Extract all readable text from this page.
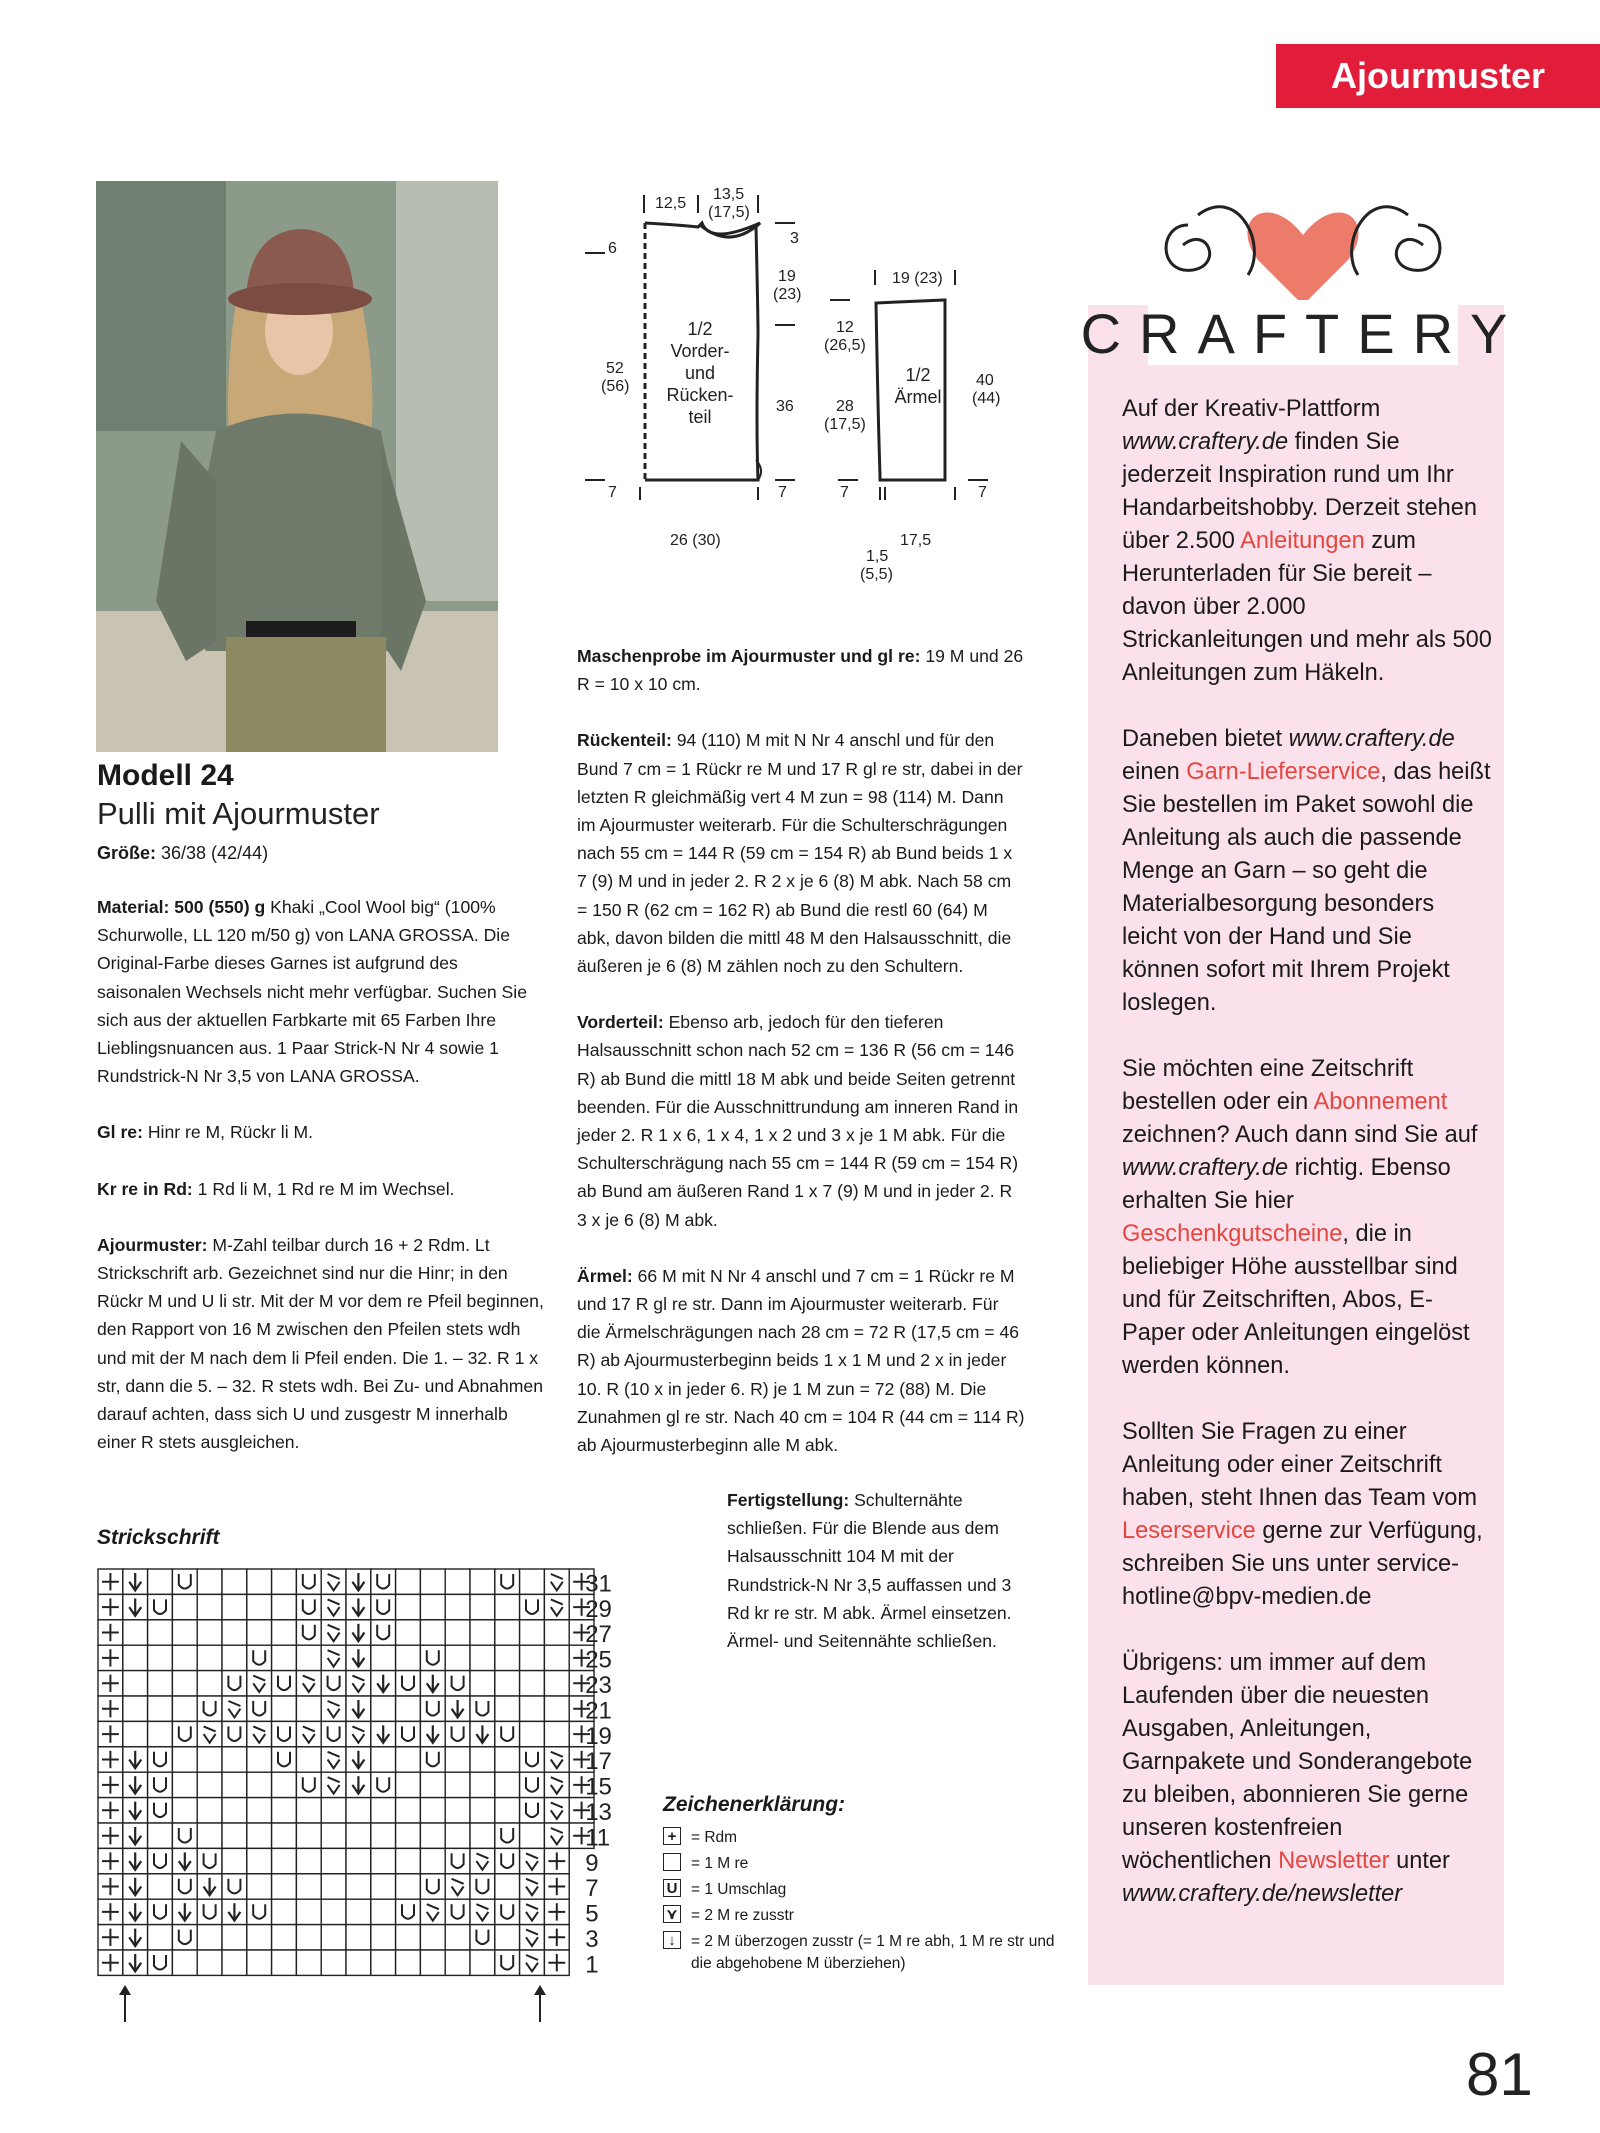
Ajourmuster
Modell 24
Pulli mit Ajourmuster
Größe: 36/38 (42/44)

Material: 500 (550) g Khaki „Cool Wool big“ (100% Schurwolle, LL 120 m/50 g) von LANA GROSSA. Die Original-Farbe dieses Garnes ist aufgrund des saisonalen Wechsels nicht mehr verfügbar. Suchen Sie sich aus der aktuellen Farbkarte mit 65 Farben Ihre Lieblingsnuancen aus. 1 Paar Strick-N Nr 4 sowie 1 Rundstrick-N Nr 3,5 von LANA GROSSA.

Gl re: Hinr re M, Rückr li M.

Kr re in Rd: 1 Rd li M, 1 Rd re M im Wechsel.

Ajourmuster: M-Zahl teilbar durch 16 + 2 Rdm. Lt Strickschrift arb. Gezeichnet sind nur die Hinr; in den Rückr M und U li str. Mit der M vor dem re Pfeil beginnen, den Rapport von 16 M zwischen den Pfeilen stets wdh und mit der M nach dem li Pfeil enden. Die 1. – 32. R 1 x str, dann die 5. – 32. R stets wdh. Bei Zu- und Abnahmen darauf achten, dass sich U und zusgestr M innerhalb einer R stets ausgleichen.

12,5
13,5
(17,5)
6
3
19
(23)
52
(56)
36
7	7
26 (30)
19 (23)
12
(26,5)
28
(17,5)
40
(44)
7	7
17,5
1,5
(5,5)
1/2 Vorder-und Rücken-teil
1/2 Ärmel

Maschenprobe im Ajourmuster und gl re: 19 M und 26 R = 10 x 10 cm.

Rückenteil: 94 (110) M mit N Nr 4 anschl und für den Bund 7 cm = 1 Rückr re M und 17 R gl re str, dabei in der letzten R gleichmäßig vert 4 M zun = 98 (114) M. Dann im Ajourmuster weiterarb. Für die Schulterschrägungen nach 55 cm = 144 R (59 cm = 154 R) ab Bund beids 1 x 7 (9) M und in jeder 2. R 2 x je 6 (8) M abk. Nach 58 cm = 150 R (62 cm = 162 R) ab Bund die restl 60 (64) M abk, davon bilden die mittl 48 M den Halsausschnitt, die äußeren je 6 (8) M zählen noch zu den Schultern.

Vorderteil: Ebenso arb, jedoch für den tieferen Halsausschnitt schon nach 52 cm = 136 R (56 cm = 146 R) ab Bund die mittl 18 M abk und beide Seiten getrennt beenden. Für die Ausschnittrundung am inneren Rand in jeder 2. R 1 x 6, 1 x 4, 1 x 2 und 3 x je 1 M abk. Für die Schulterschrägung nach 55 cm = 144 R (59 cm = 154 R) ab Bund am äußeren Rand 1 x 7 (9) M und in jeder 2. R 3 x je 6 (8) M abk.

Ärmel: 66 M mit N Nr 4 anschl und 7 cm = 1 Rückr re M und 17 R gl re str. Dann im Ajourmuster weiterarb. Für die Ärmelschrägungen nach 28 cm = 72 R (17,5 cm = 46 R) ab Ajourmusterbeginn beids 1 x 1 M und 2 x in jeder 10. R (10 x in jeder 6. R) je 1 M zun = 72 (88) M. Die Zunahmen gl re str. Nach 40 cm = 104 R (44 cm = 114 R) ab Ajourmusterbeginn alle M abk.

Fertigstellung: Schulternähte schließen. Für die Blende aus dem Halsausschnitt 104 M mit der Rundstrick-N Nr 3,5 auffassen und 3 Rd kr re str. M abk. Ärmel einsetzen. Ärmel- und Seitennähte schließen.

Strickschrift
31
29
27
25
23
21
19
17
15
13
11
9
7
5
3
1
Zeichenerklärung:
+ = Rdm
= 1 M re
U = 1 Umschlag
⋎ = 2 M re zusstr
↓ = 2 M überzogen zusstr (= 1 M re abh, 1 M re str und die abgehobene M überziehen)
CRAFTERY

Auf der Kreativ-Plattform www.craftery.de finden Sie jederzeit Inspiration rund um Ihr Handarbeitshobby. Derzeit stehen über 2.500 Anleitungen zum Herunterladen für Sie bereit – davon über 2.000 Strickanleitungen und mehr als 500 Anleitungen zum Häkeln.

Daneben bietet www.craftery.de einen Garn-Lieferservice, das heißt Sie bestellen im Paket sowohl die Anleitung als auch die passende Menge an Garn – so geht die Materialbesorgung besonders leicht von der Hand und Sie können sofort mit Ihrem Projekt loslegen.

Sie möchten eine Zeitschrift bestellen oder ein Abonnement zeichnen? Auch dann sind Sie auf www.craftery.de richtig. Ebenso erhalten Sie hier Geschenkgutscheine, die in beliebiger Höhe ausstellbar sind und für Zeitschriften, Abos, E-Paper oder Anleitungen eingelöst werden können.

Sollten Sie Fragen zu einer Anleitung oder einer Zeitschrift haben, steht Ihnen das Team vom Leserservice gerne zur Verfügung, schreiben Sie uns unter service-hotline@bpv-medien.de

Übrigens: um immer auf dem Laufenden über die neuesten Ausgaben, Anleitungen, Garnpakete und Sonderangebote zu bleiben, abonnieren Sie gerne unseren kostenfreien wöchentlichen Newsletter unter www.craftery.de/newsletter

81
